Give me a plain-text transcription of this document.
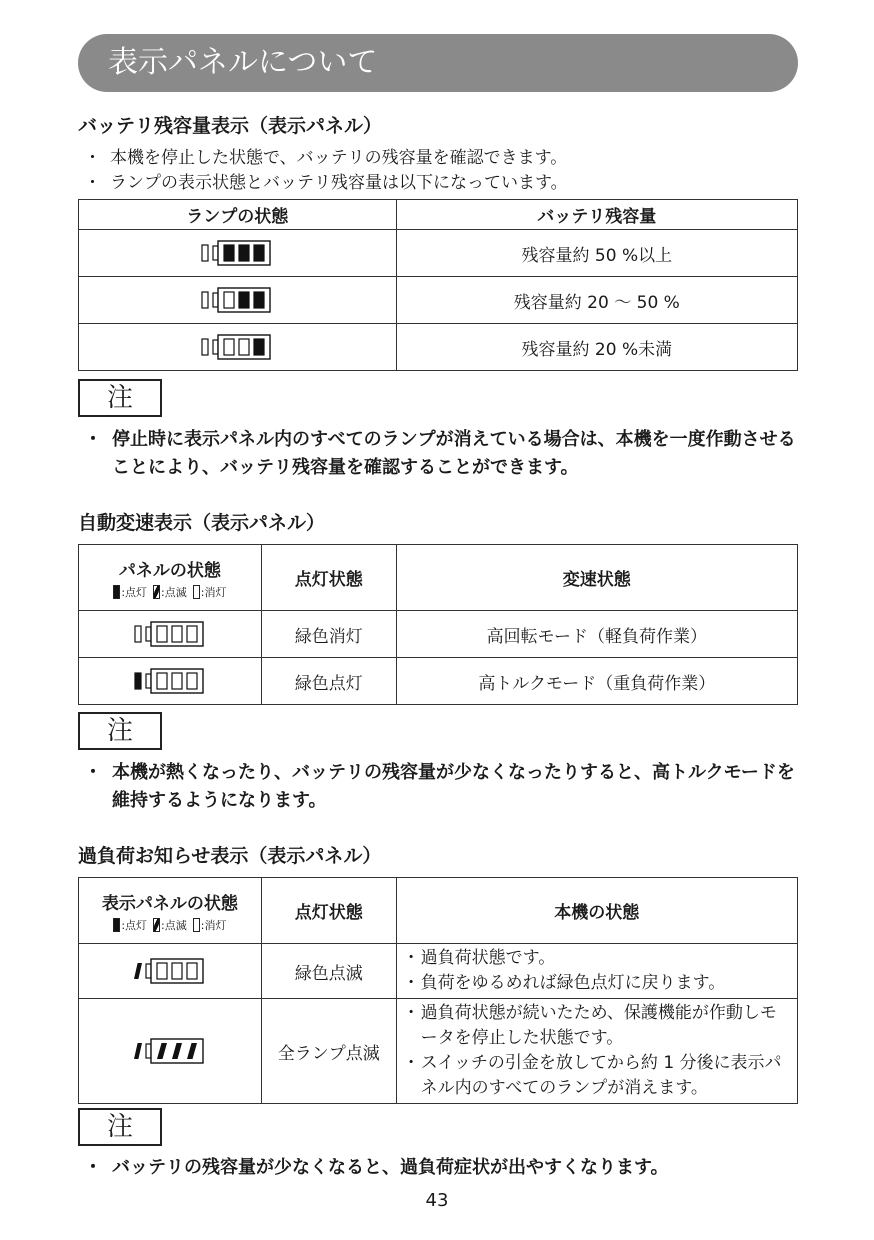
表示パネルについて
バッテリ残容量表示（表示パネル）
・ 本機を停止した状態で、バッテリの残容量を確認できます。
・ ランプの表示状態とバッテリ残容量は以下になっています。
ランプの状態	バッテリ残容量
	残容量約 50 %以上
	残容量約 20 ～ 50 %
	残容量約 20 %未満
注
・ 停止時に表示パネル内のすべてのランプが消えている場合は、本機を一度作動させることにより、バッテリ残容量を確認することができます。
自動変速表示（表示パネル）
パネルの状態
:点灯 :点滅 :消灯	点灯状態	変速状態
	緑色消灯	高回転モード（軽負荷作業）
	緑色点灯	高トルクモード（重負荷作業）
注
・ 本機が熱くなったり、バッテリの残容量が少なくなったりすると、高トルクモードを維持するようになります。
過負荷お知らせ表示（表示パネル）
表示パネルの状態
:点灯 :点滅 :消灯	点灯状態	本機の状態
	緑色点滅	・ 過負荷状態です。
・ 負荷をゆるめれば緑色点灯に戻ります。

	全ランプ点滅	・ 過負荷状態が続いたため、保護機能が作動しモータを停止した状態です。
・ スイッチの引金を放してから約 1 分後に表示パネル内のすべてのランプが消えます。
注
・ バッテリの残容量が少なくなると、過負荷症状が出やすくなります。
43
